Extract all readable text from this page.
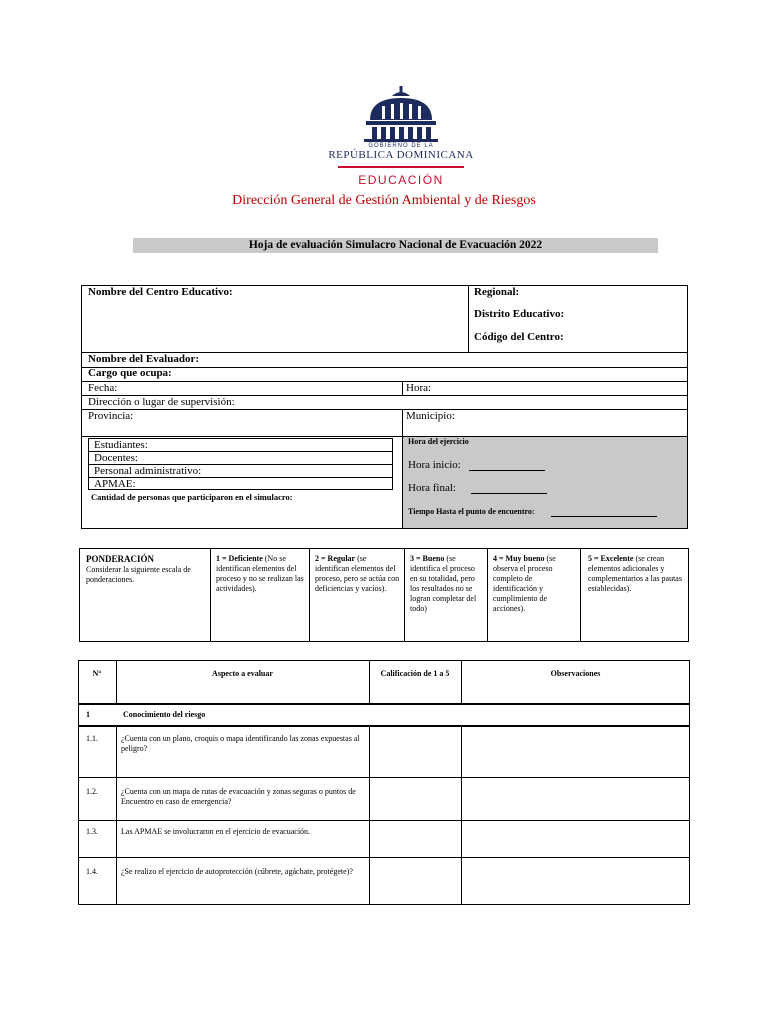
GOBIERNO DE LA
REPÚBLICA DOMINICANA
EDUCACIÓN
Dirección General de Gestión Ambiental y de Riesgos
Hoja de evaluación Simulacro Nacional de Evacuación 2022
Nombre del Centro Educativo:	Regional:
Distrito Educativo:
Código del Centro:
Nombre del Evaluador:
Cargo que ocupa:
Fecha:	Hora:
Dirección o lugar de supervisión:
Provincia:	Municipio:
Estudiantes:
Docentes:
Personal administrativo:
APMAE:
Cantidad de personas que participaron en el simulacro:
Hora del ejercicio
Hora inicio:
Hora final:
Tiempo Hasta el punto de encuentro:
PONDERACIÓN
Considerar la siguiente escala de ponderaciones.
1 = Deficiente (No se identifican elementos del proceso y no se realizan las actividades).
2 = Regular (se identifican elementos del proceso, pero se actúa con deficiencias y vacíos).
3 = Bueno (se identifica el proceso en su totalidad, pero los resultados no se logran completar del todo)
4 = Muy bueno (se observa el proceso completo de identificación y cumplimiento de acciones).
5 = Excelente (se crean elementos adicionales y complementarios a las pautas establecidas).
N°	Aspecto a evaluar	Calificación de 1 a 5	Observaciones
1	Conocimiento del riesgo
1.1.	¿Cuenta con un plano, croquis o mapa identificando las zonas expuestas al peligro?
1.2.	¿Cuenta con un mapa de rutas de evacuación y zonas seguras o puntos de Encuentro en caso de emergencia?
1.3.	Las APMAE se involucraron en el ejercicio de evacuación.
1.4.	¿Se realizo el ejercicio de autoprotección (cúbrete, agáchate, protégete)?
